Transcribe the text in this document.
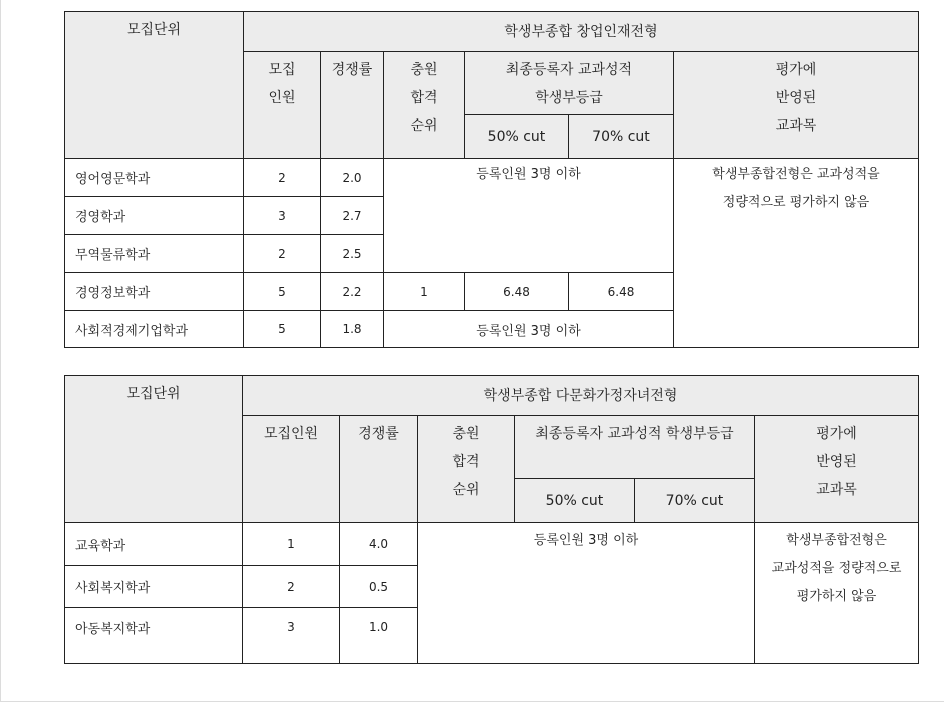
모집단위	학생부종합 창업인재전형					
	모집
인원	경쟁률	충원
합격
순위	최종등록자 교과성적
학생부등급		평가에
반영된
교과목
				50% cut	70% cut	
영어영문학과	2	2.0	등록인원 3명 이하			학생부종합전형은 교과성적을
정량적으로 평가하지 않음
경영학과	3	2.7				
무역물류학과	2	2.5				
경영정보학과	5	2.2	1	6.48	6.48	
사회적경제기업학과	5	1.8	등록인원 3명 이하			
모집단위	학생부종합 다문화가정자녀전형					
	모집인원	경쟁률	충원
합격
순위	최종등록자 교과성적 학생부등급		평가에
반영된
교과목
				50% cut	70% cut	
교육학과	1	4.0	등록인원 3명 이하			학생부종합전형은
교과성적을 정량적으로
평가하지 않음
사회복지학과	2	0.5				
아동복지학과	3	1.0				
